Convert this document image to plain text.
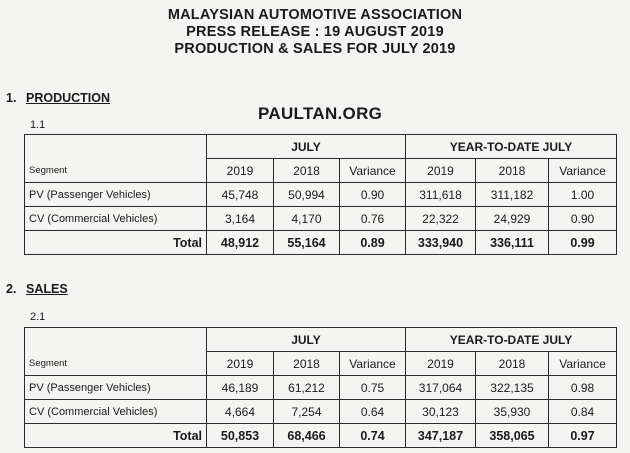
MALAYSIAN AUTOMOTIVE ASSOCIATION
PRESS RELEASE : 19 AUGUST 2019
PRODUCTION & SALES FOR JULY 2019
1. PRODUCTION
PAULTAN.ORG
1.1
	JULY			YEAR-TO-DATE JULY		
Segment	2019	2018	Variance	2019	2018	Variance
PV (Passenger Vehicles)	45,748	50,994	0.90	311,618	311,182	1.00
CV (Commercial Vehicles)	3,164	4,170	0.76	22,322	24,929	0.90
Total	48,912	55,164	0.89	333,940	336,111	0.99
2. SALES
2.1
	JULY			YEAR-TO-DATE JULY		
Segment	2019	2018	Variance	2019	2018	Variance
PV (Passenger Vehicles)	46,189	61,212	0.75	317,064	322,135	0.98
CV (Commercial Vehicles)	4,664	7,254	0.64	30,123	35,930	0.84
Total	50,853	68,466	0.74	347,187	358,065	0.97
